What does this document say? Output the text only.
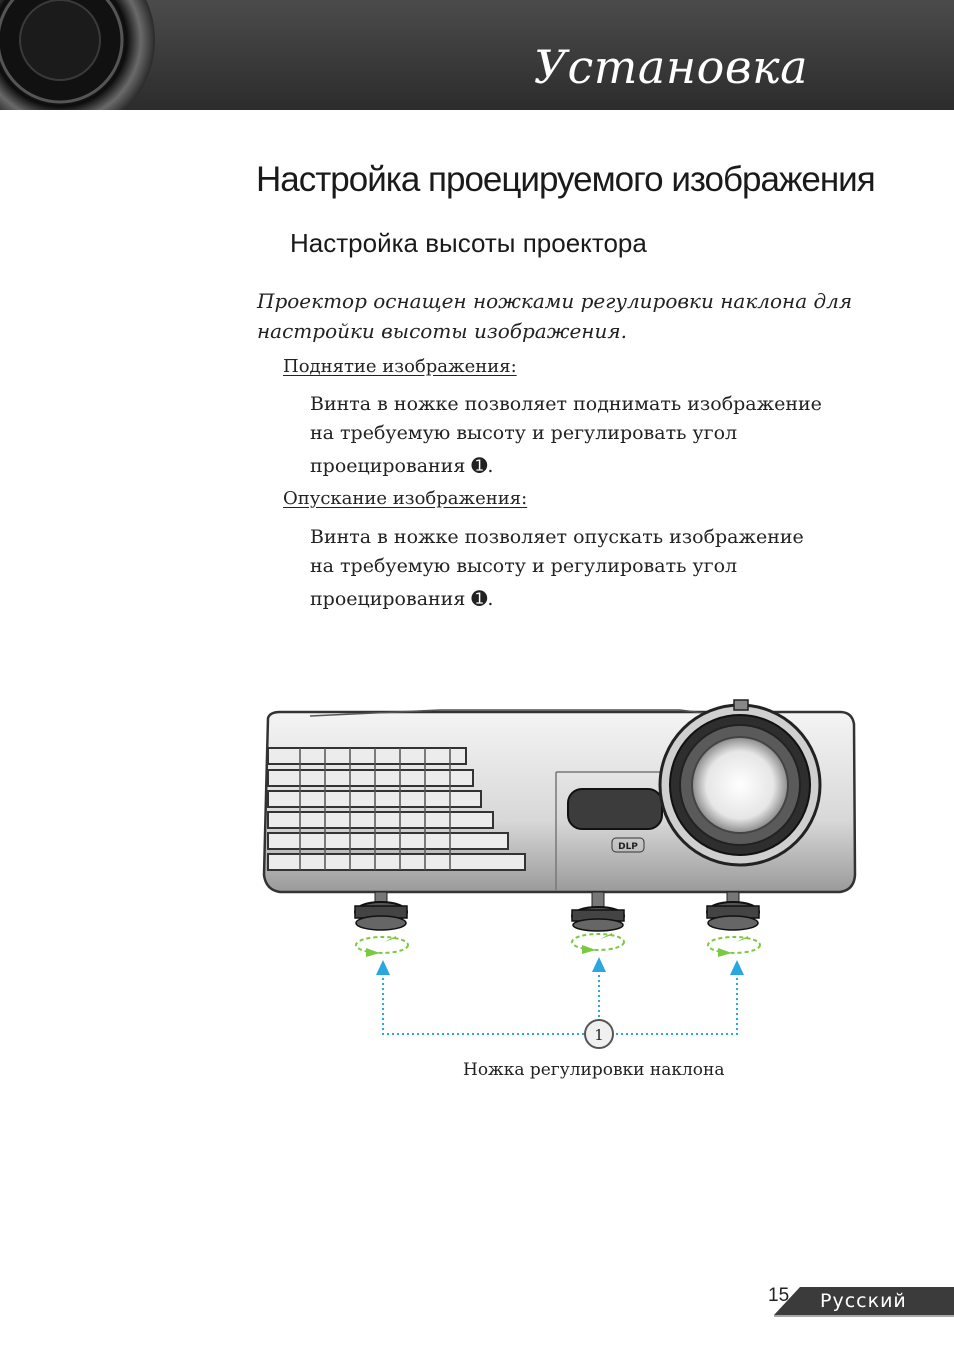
Установка
Настройка проецируемого изображения
Настройка высоты проектора
Проектор оснащен ножками регулировки наклона для настройки высоты изображения.
Поднятие изображения:
Винта в ножке позволяет поднимать изображение
на требуемую высоту и регулировать угол
проецирования ➊.
Опускание изображения:
Винта в ножке позволяет опускать изображение
на требуемую высоту и регулировать угол
проецирования ➊.
DLP
1
Ножка регулировки наклона
15 Русский
